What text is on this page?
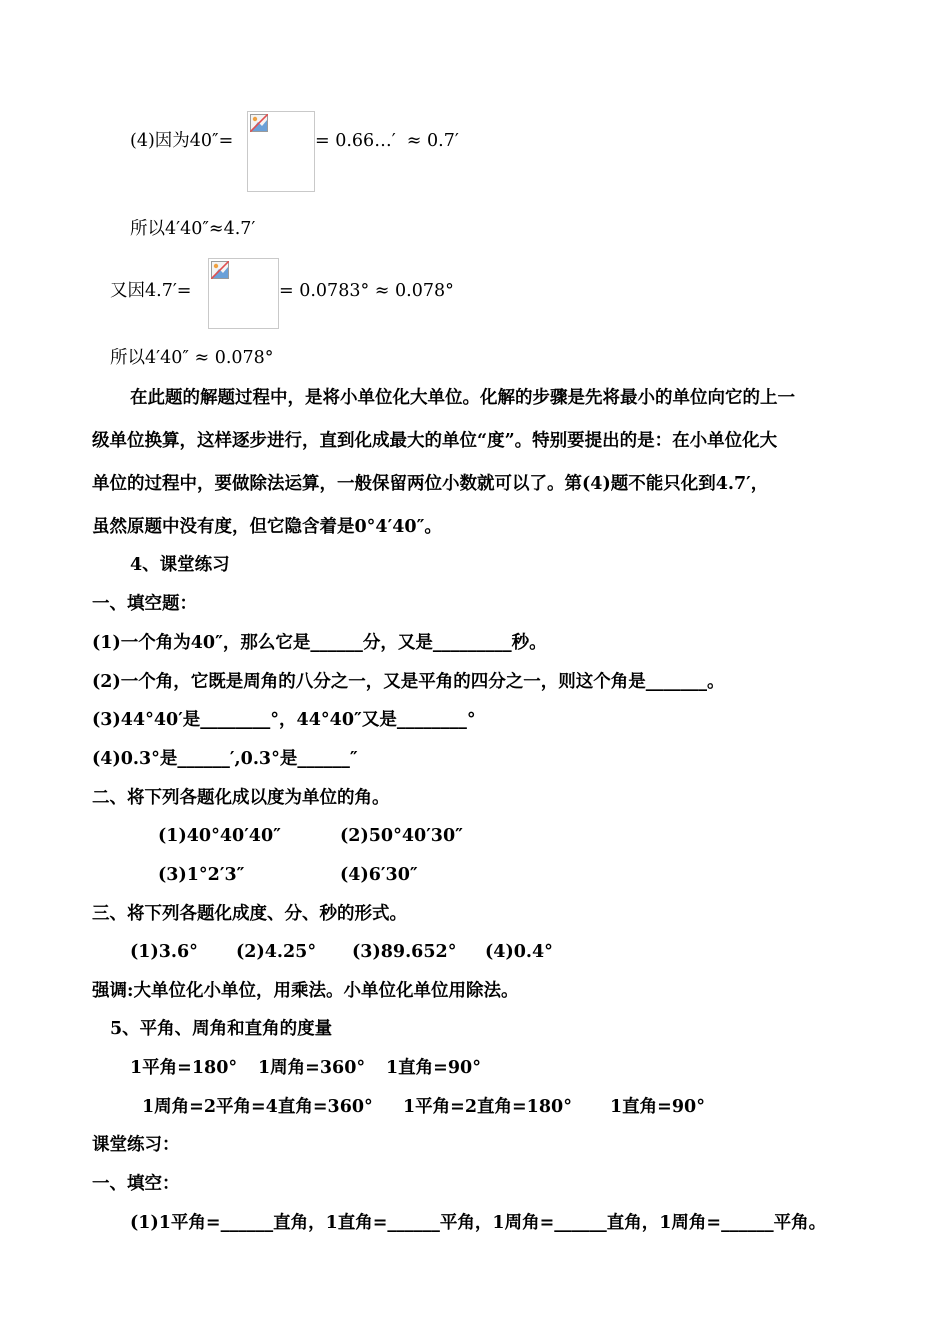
(4)因为40″=	= 0.66…′  ≈ 0.7′

所以4′40″≈4.7′

又因4.7′=	= 0.0783° ≈ 0.078°

所以4′40″ ≈ 0.078°

在此题的解题过程中，是将小单位化大单位。化解的步骤是先将最小的单位向它的上一

级单位换算，这样逐步进行，直到化成最大的单位“度”。特别要提出的是：在小单位化大

单位的过程中，要做除法运算，一般保留两位小数就可以了。第(4)题不能只化到4.7′，

虽然原题中没有度，但它隐含着是0°4′40″。

4、课堂练习

一、填空题：

(1)一个角为40″，那么它是______分，又是_________秒。

(2)一个角，它既是周角的八分之一，又是平角的四分之一，则这个角是_______。

(3)44°40′是________°，44°40″又是________°

(4)0.3°是______′,0.3°是______″

二、将下列各题化成以度为单位的角。

(1)40°40′40″	(2)50°40′30″

(3)1°2′3″	(4)6′30″

三、将下列各题化成度、分、秒的形式。

(1)3.6° (2)4.25° (3)89.652° (4)0.4°

强调:大单位化小单位，用乘法。小单位化单位用除法。

5、平角、周角和直角的度量

1平角=180° 1周角=360° 1直角=90°

1周角=2平角=4直角=360° 1平角=2直角=180° 1直角=90°

课堂练习：

一、填空：

(1)1平角=______直角，1直角=______平角，1周角=______直角，1周角=______平角。
